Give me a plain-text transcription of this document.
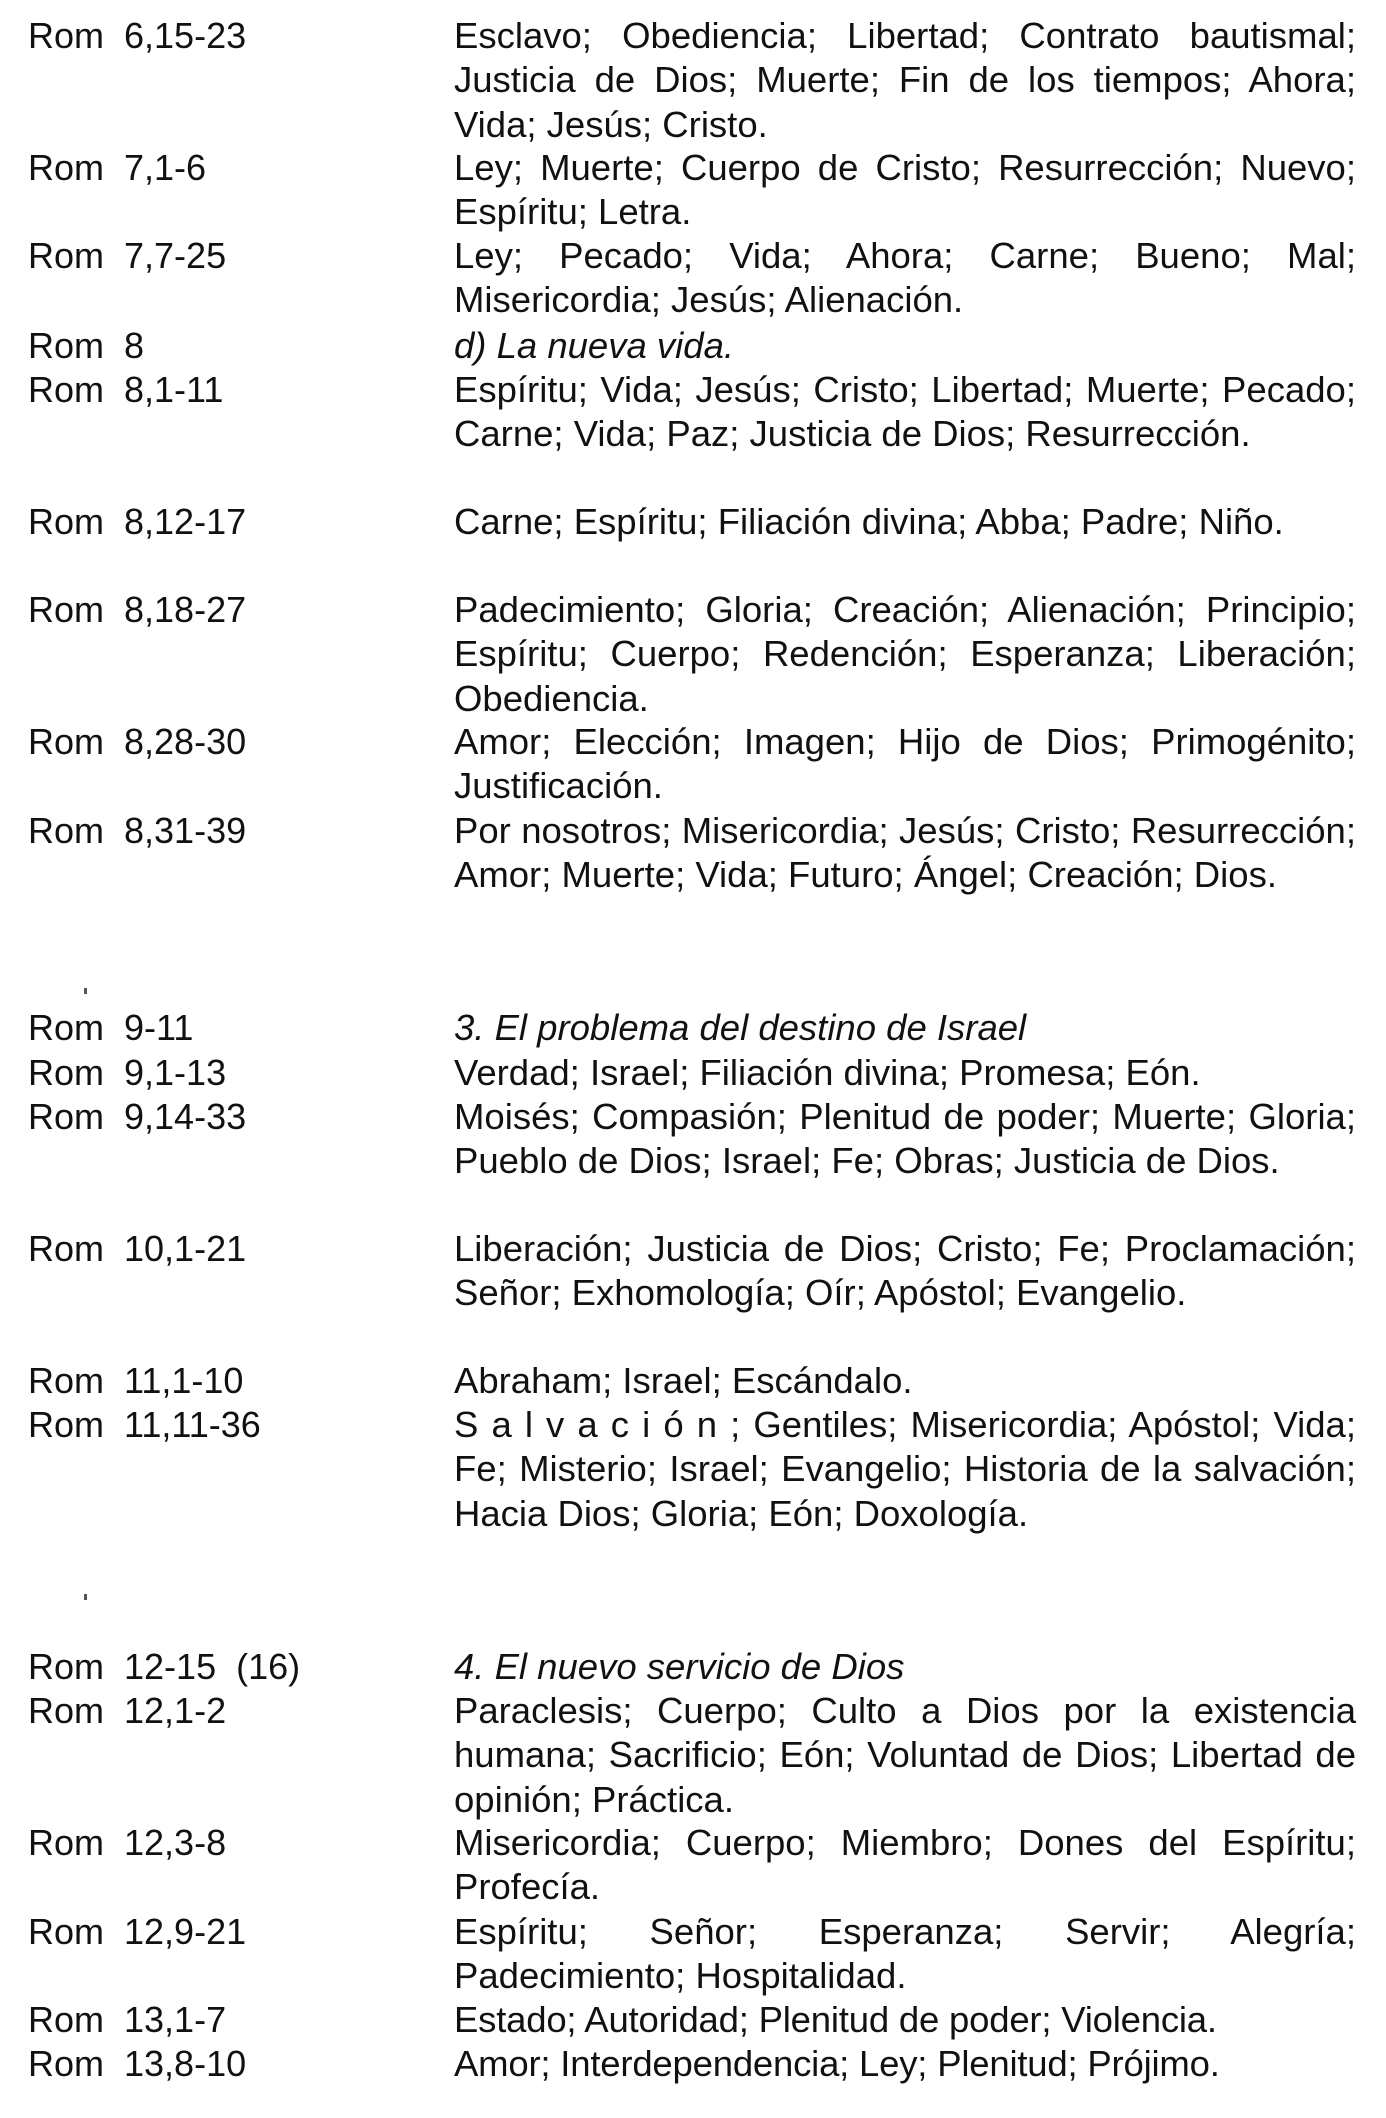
Rom  6,15-23	Esclavo; Obediencia; Libertad; Contrato bautismal; Justicia de Dios; Muerte; Fin de los tiempos; Ahora; Vida; Jesús; Cristo.
Rom  7,1-6	Ley; Muerte; Cuerpo de Cristo; Resurrección; Nuevo; Espíritu; Letra.
Rom  7,7-25	Ley; Pecado; Vida; Ahora; Carne; Bueno; Mal; Misericordia; Jesús; Alienación.
Rom  8	d) La nueva vida.
Rom  8,1-11	Espíritu; Vida; Jesús; Cristo; Libertad; Muerte; Pecado; Carne; Vida; Paz; Justicia de Dios; Resurrección.
Rom  8,12-17	Carne; Espíritu; Filiación divina; Abba; Padre; Niño.
Rom  8,18-27	Padecimiento; Gloria; Creación; Alienación; Principio; Espíritu; Cuerpo; Redención; Esperanza; Liberación; Obediencia.
Rom  8,28-30	Amor; Elección; Imagen; Hijo de Dios; Primogénito; Justificación.
Rom  8,31-39	Por nosotros; Misericordia; Jesús; Cristo; Resurrección; Amor; Muerte; Vida; Futuro; Ángel; Creación; Dios.
Rom  9-11	3. El problema del destino de Israel
Rom  9,1-13	Verdad; Israel; Filiación divina; Promesa; Eón.
Rom  9,14-33	Moisés; Compasión; Plenitud de poder; Muerte; Gloria; Pueblo de Dios; Israel; Fe; Obras; Justicia de Dios.
Rom  10,1-21	Liberación; Justicia de Dios; Cristo; Fe; Proclamación; Señor; Exhomología; Oír; Apóstol; Evangelio.
Rom  11,1-10	Abraham; Israel; Escándalo.
Rom  11,11-36	S a l v a c i ó n ; Gentiles; Misericordia; Apóstol; Vida; Fe; Misterio; Israel; Evangelio; Historia de la salvación; Hacia Dios; Gloria; Eón; Doxología.
Rom  12-15  (16)	4. El nuevo servicio de Dios
Rom  12,1-2	Paraclesis; Cuerpo; Culto a Dios por la existencia humana; Sacrificio; Eón; Voluntad de Dios; Libertad de opinión; Práctica.
Rom  12,3-8	Misericordia; Cuerpo; Miembro; Dones del Espíritu; Profecía.
Rom  12,9-21	Espíritu; Señor; Esperanza; Servir; Alegría; Padecimiento; Hospitalidad.
Rom  13,1-7	Estado; Autoridad; Plenitud de poder; Violencia.
Rom  13,8-10	Amor; Interdependencia; Ley; Plenitud; Prójimo.
